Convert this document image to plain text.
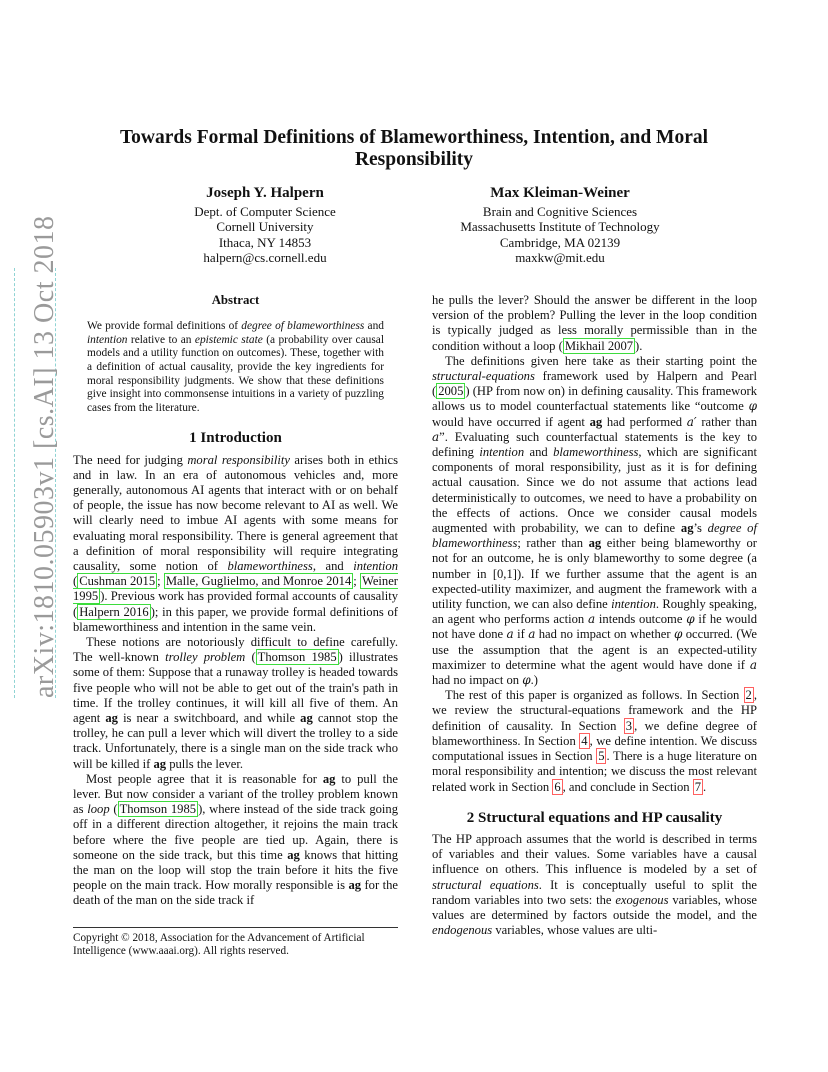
arXiv:1810.05903v1 [cs.AI] 13 Oct 2018
Towards Formal Definitions of Blameworthiness, Intention, and Moral Responsibility
Joseph Y. Halpern
Dept. of Computer Science
Cornell University
Ithaca, NY 14853
halpern@cs.cornell.edu
Max Kleiman-Weiner
Brain and Cognitive Sciences
Massachusetts Institute of Technology
Cambridge, MA 02139
maxkw@mit.edu
Abstract

We provide formal definitions of degree of blameworthiness and intention relative to an epistemic state (a probability over causal models and a utility function on outcomes). These, together with a definition of actual causality, provide the key ingredients for moral responsibility judgments. We show that these definitions give insight into commonsense intuitions in a variety of puzzling cases from the literature.

1 Introduction

The need for judging moral responsibility arises both in ethics and in law. In an era of autonomous vehicles and, more generally, autonomous AI agents that interact with or on behalf of people, the issue has now become relevant to AI as well. We will clearly need to imbue AI agents with some means for evaluating moral responsibility. There is general agreement that a definition of moral responsibility will require integrating causality, some notion of blameworthiness, and intention ( Cushman 2015 ; Malle, Guglielmo, and Monroe 2014 ; Weiner 1995 ). Previous work has provided formal accounts of causality ( Halpern 2016 ); in this paper, we provide formal definitions of blameworthiness and intention in the same vein.

These notions are notoriously difficult to define carefully. The well-known trolley problem ( Thomson 1985 ) illustrates some of them: Suppose that a runaway trolley is headed towards five people who will not be able to get out of the train's path in time. If the trolley continues, it will kill all five of them. An agent ag is near a switchboard, and while ag cannot stop the trolley, he can pull a lever which will divert the trolley to a side track. Unfortunately, there is a single man on the side track who will be killed if ag pulls the lever.

Most people agree that it is reasonable for ag to pull the lever. But now consider a variant of the trolley problem known as loop ( Thomson 1985 ), where instead of the side track going off in a different direction altogether, it rejoins the main track before where the five people are tied up. Again, there is someone on the side track, but this time ag knows that hitting the man on the loop will stop the train before it hits the five people on the main track. How morally responsible is ag for the death of the man on the side track if

Copyright © 2018, Association for the Advancement of Artificial Intelligence (www.aaai.org). All rights reserved.

he pulls the lever? Should the answer be different in the loop version of the problem? Pulling the lever in the loop condition is typically judged as less morally permissible than in the condition without a loop ( Mikhail 2007 ).

The definitions given here take as their starting point the structural-equations framework used by Halpern and Pearl ( 2005 ) (HP from now on) in defining causality. This framework allows us to model counterfactual statements like “outcome φ would have occurred if agent ag had performed a′ rather than a”. Evaluating such counterfactual statements is the key to defining intention and blameworthiness, which are significant components of moral responsibility, just as it is for defining actual causation. Since we do not assume that actions lead deterministically to outcomes, we need to have a probability on the effects of actions. Once we consider causal models augmented with probability, we can to define ag’s degree of blameworthiness; rather than ag either being blameworthy or not for an outcome, he is only blameworthy to some degree (a number in [0,1]). If we further assume that the agent is an expected-utility maximizer, and augment the framework with a utility function, we can also define intention. Roughly speaking, an agent who performs action a intends outcome φ if he would not have done a if a had no impact on whether φ occurred. (We use the assumption that the agent is an expected-utility maximizer to determine what the agent would have done if a had no impact on φ.)

The rest of this paper is organized as follows. In Section 2 , we review the structural-equations framework and the HP definition of causality. In Section 3 , we define degree of blameworthiness. In Section 4 , we define intention. We discuss computational issues in Section 5 . There is a huge literature on moral responsibility and intention; we discuss the most relevant related work in Section 6 , and conclude in Section 7 .

2 Structural equations and HP causality

The HP approach assumes that the world is described in terms of variables and their values. Some variables have a causal influence on others. This influence is modeled by a set of structural equations. It is conceptually useful to split the random variables into two sets: the exogenous variables, whose values are determined by factors outside the model, and the endogenous variables, whose values are ulti-
